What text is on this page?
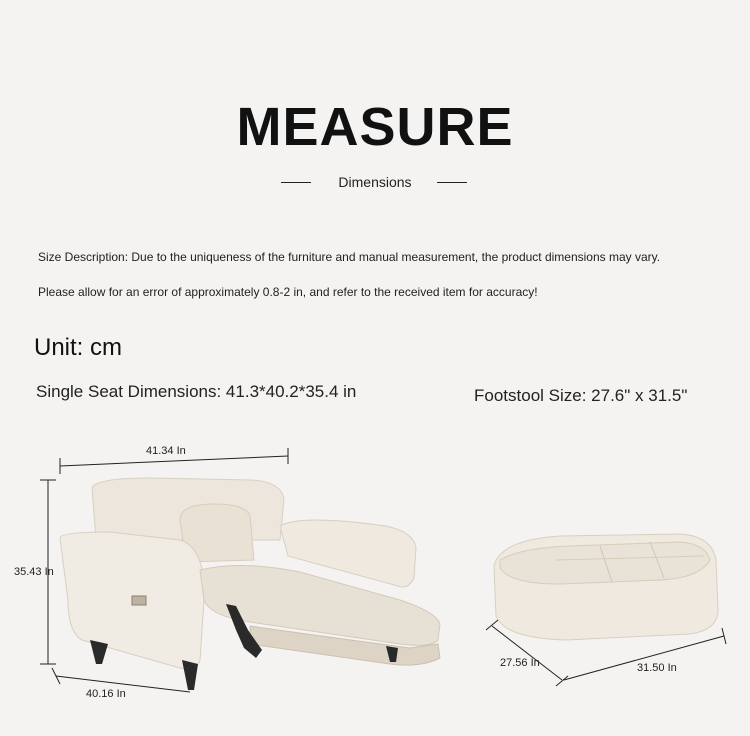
MEASURE
Dimensions
Size Description: Due to the uniqueness of the furniture and manual measurement, the product dimensions may vary.
Please allow for an error of approximately 0.8-2 in, and refer to the received item for accuracy!
Unit: cm
Single Seat Dimensions: 41.3*40.2*35.4 in	Footstool Size: 27.6" x 31.5"
41.34 In
35.43 In
40.16 In
27.56 In	31.50 In
